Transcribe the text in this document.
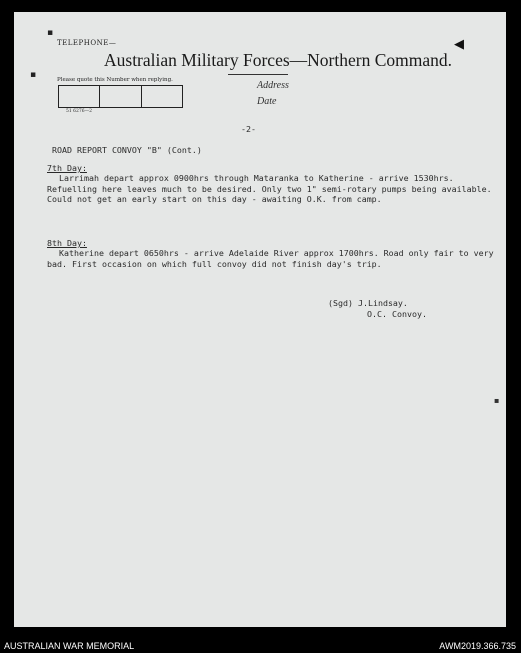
▪
▪
◀
TELEPHONE—
Australian Military Forces—Northern Command.
Please quote this Number when replying.
51 6276—2
Address
Date
-2-
ROAD REPORT CONVOY "B" (Cont.)
7th Day:
Larrimah depart approx 0900hrs through Mataranka to Katherine - arrive 1530hrs. Refuelling here leaves much to be desired. Only two 1" semi-rotary pumps being available. Could not get an early start on this day - awaiting O.K. from camp.
8th Day:
Katherine depart 0650hrs - arrive Adelaide River approx 1700hrs. Road only fair to very bad. First occasion on which full convoy did not finish day's trip.
(Sgd) J.Lindsay.
O.C. Convoy.
▪
AUSTRALIAN WAR MEMORIAL	AWM2019.366.735
